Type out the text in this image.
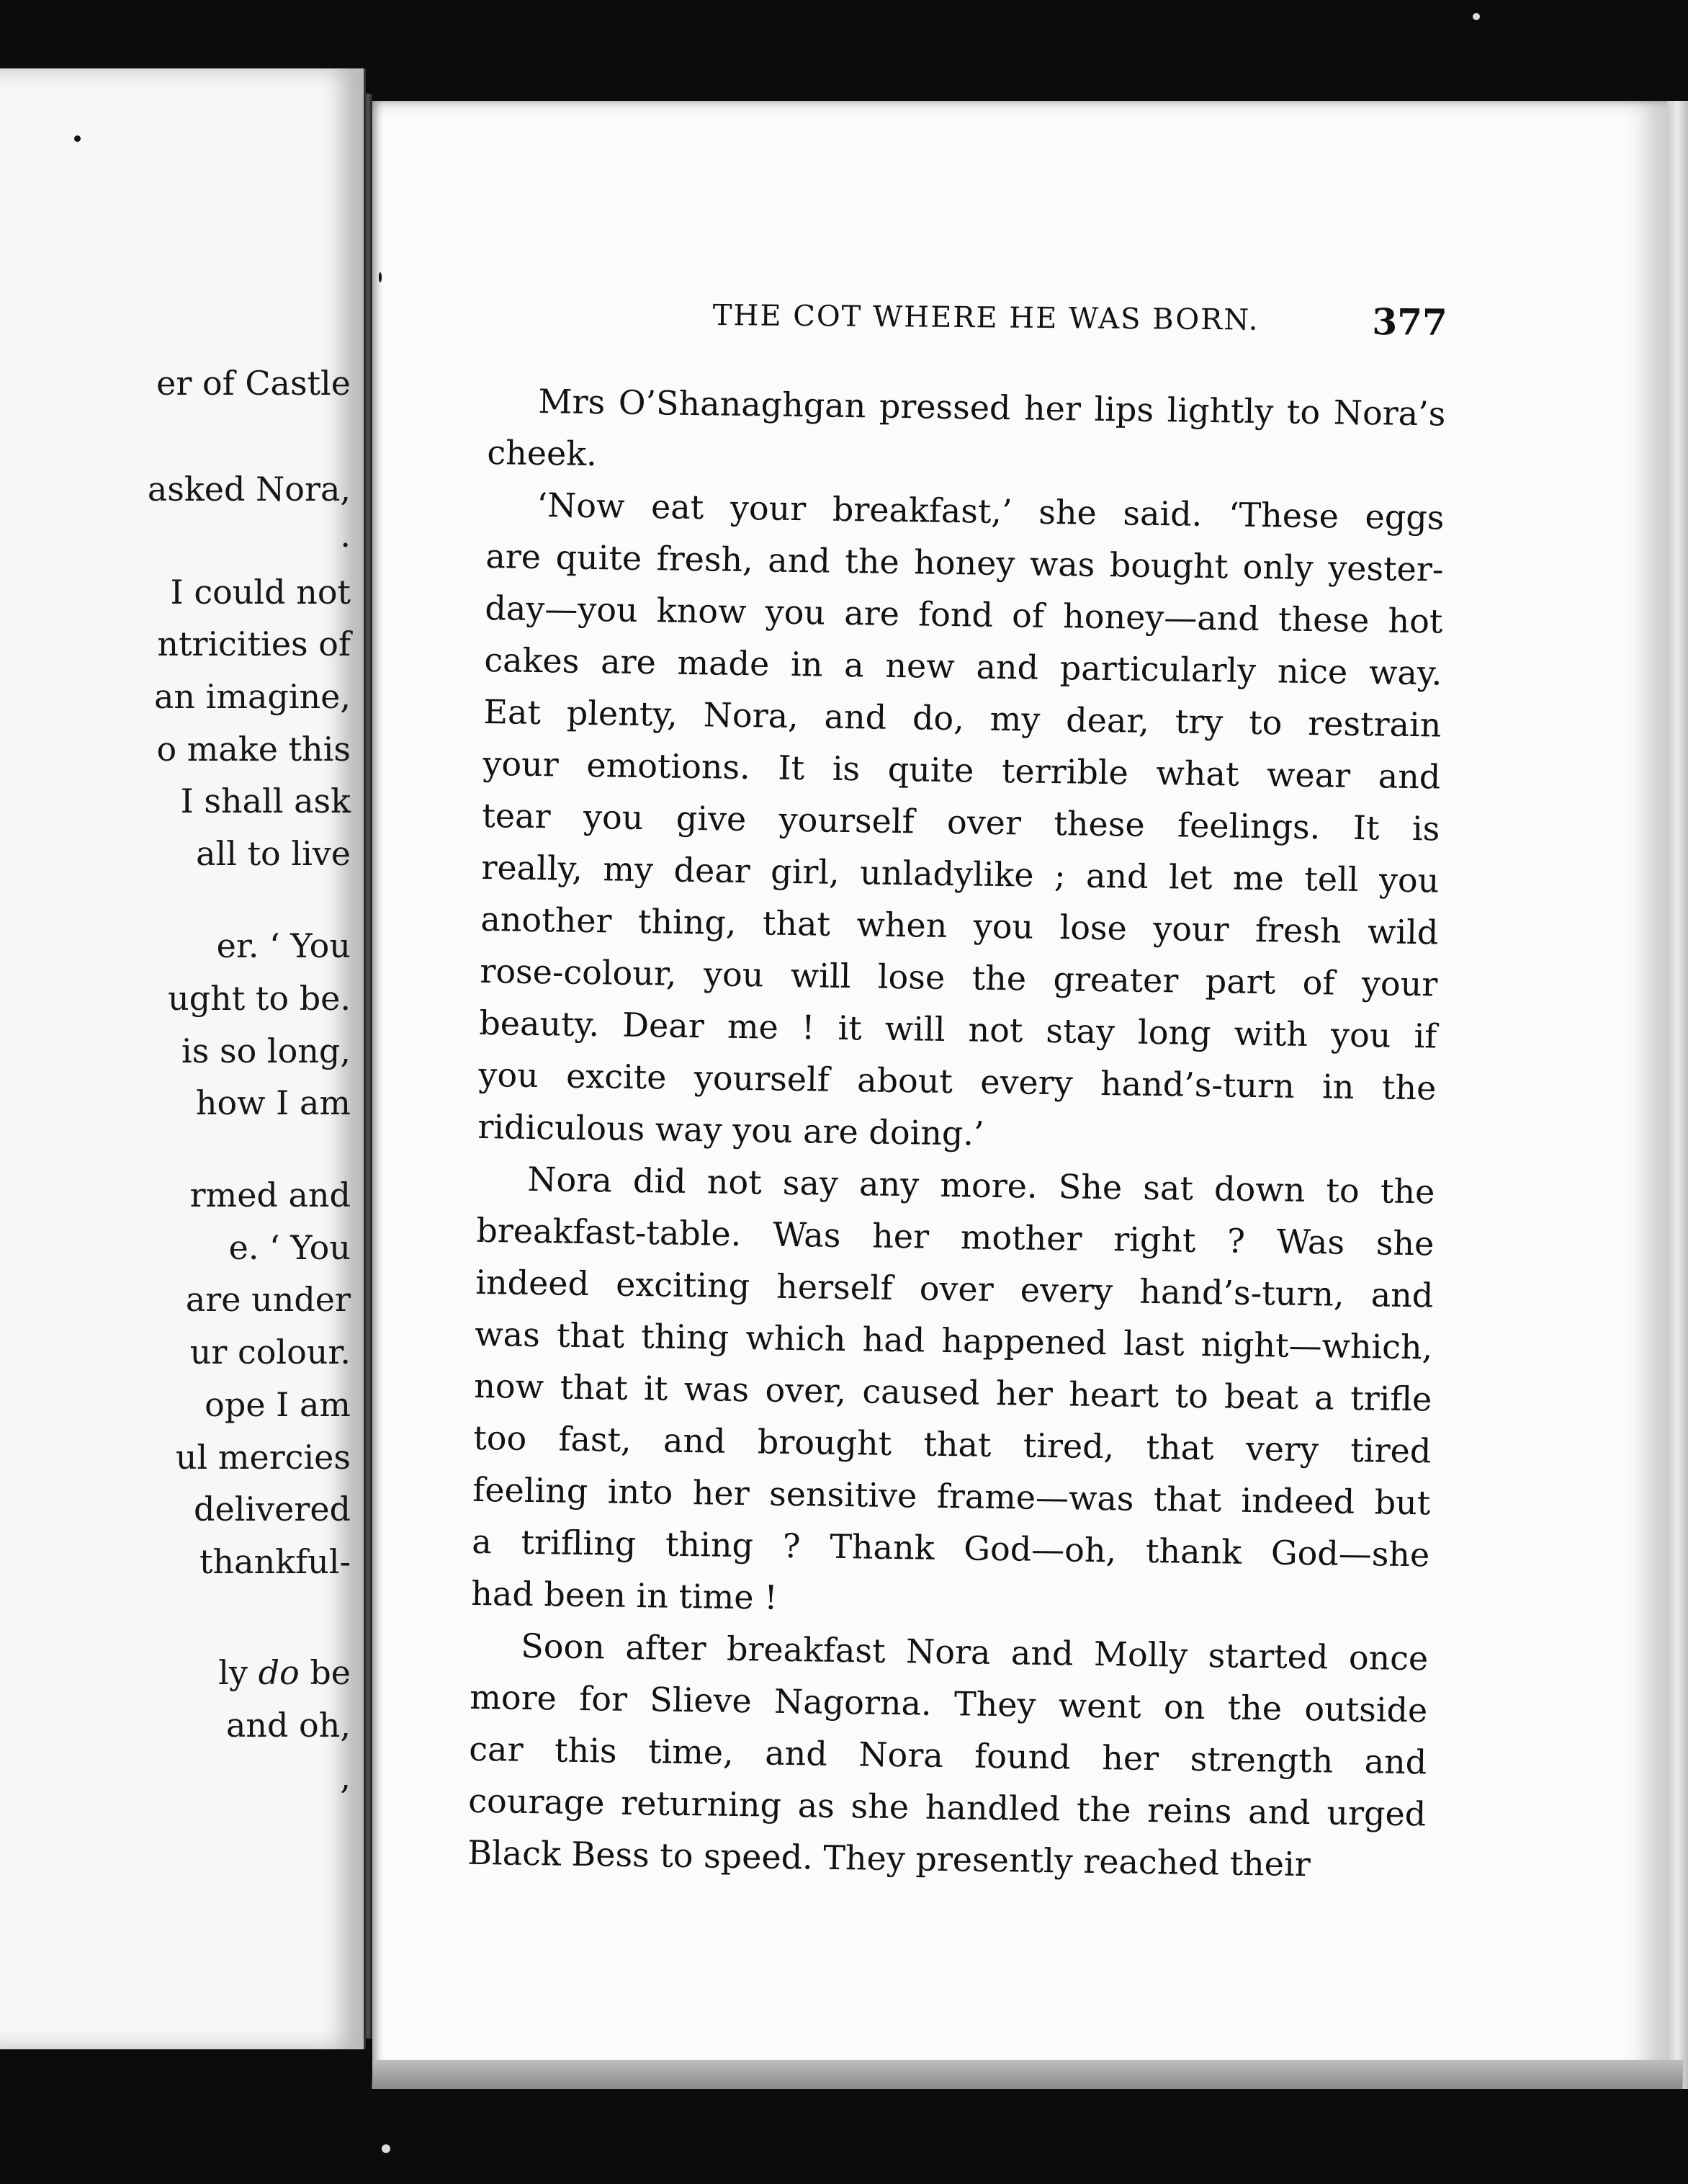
er of Castle
asked Nora,
.
I could not
ntricities of
an imagine,
o make this
I shall ask
all to live
er. ‘ You
ught to be.
is so long,
how I am
rmed and
e. ‘ You
are under
ur colour.
ope I am
ul mercies
delivered
thankful-
ly do be
and oh,
,
THE COT WHERE HE WAS BORN.	377
Mrs O’Shanaghgan pressed her lips lightly to Nora’s
cheek.
‘Now eat your breakfast,’ she said. ‘These eggs
are quite fresh, and the honey was bought only yester-
day—you know you are fond of honey—and these hot
cakes are made in a new and particularly nice way.
Eat plenty, Nora, and do, my dear, try to restrain
your emotions. It is quite terrible what wear and
tear you give yourself over these feelings. It is
really, my dear girl, unladylike ; and let me tell you
another thing, that when you lose your fresh wild
rose-colour, you will lose the greater part of your
beauty. Dear me ! it will not stay long with you if
you excite yourself about every hand’s-turn in the
ridiculous way you are doing.’
Nora did not say any more. She sat down to the
breakfast-table. Was her mother right ? Was she
indeed exciting herself over every hand’s-turn, and
was that thing which had happened last night—which,
now that it was over, caused her heart to beat a trifle
too fast, and brought that tired, that very tired
feeling into her sensitive frame—was that indeed but
a trifling thing ? Thank God—oh, thank God—she
had been in time !
Soon after breakfast Nora and Molly started once
more for Slieve Nagorna. They went on the outside
car this time, and Nora found her strength and
courage returning as she handled the reins and urged
Black Bess to speed. They presently reached their
